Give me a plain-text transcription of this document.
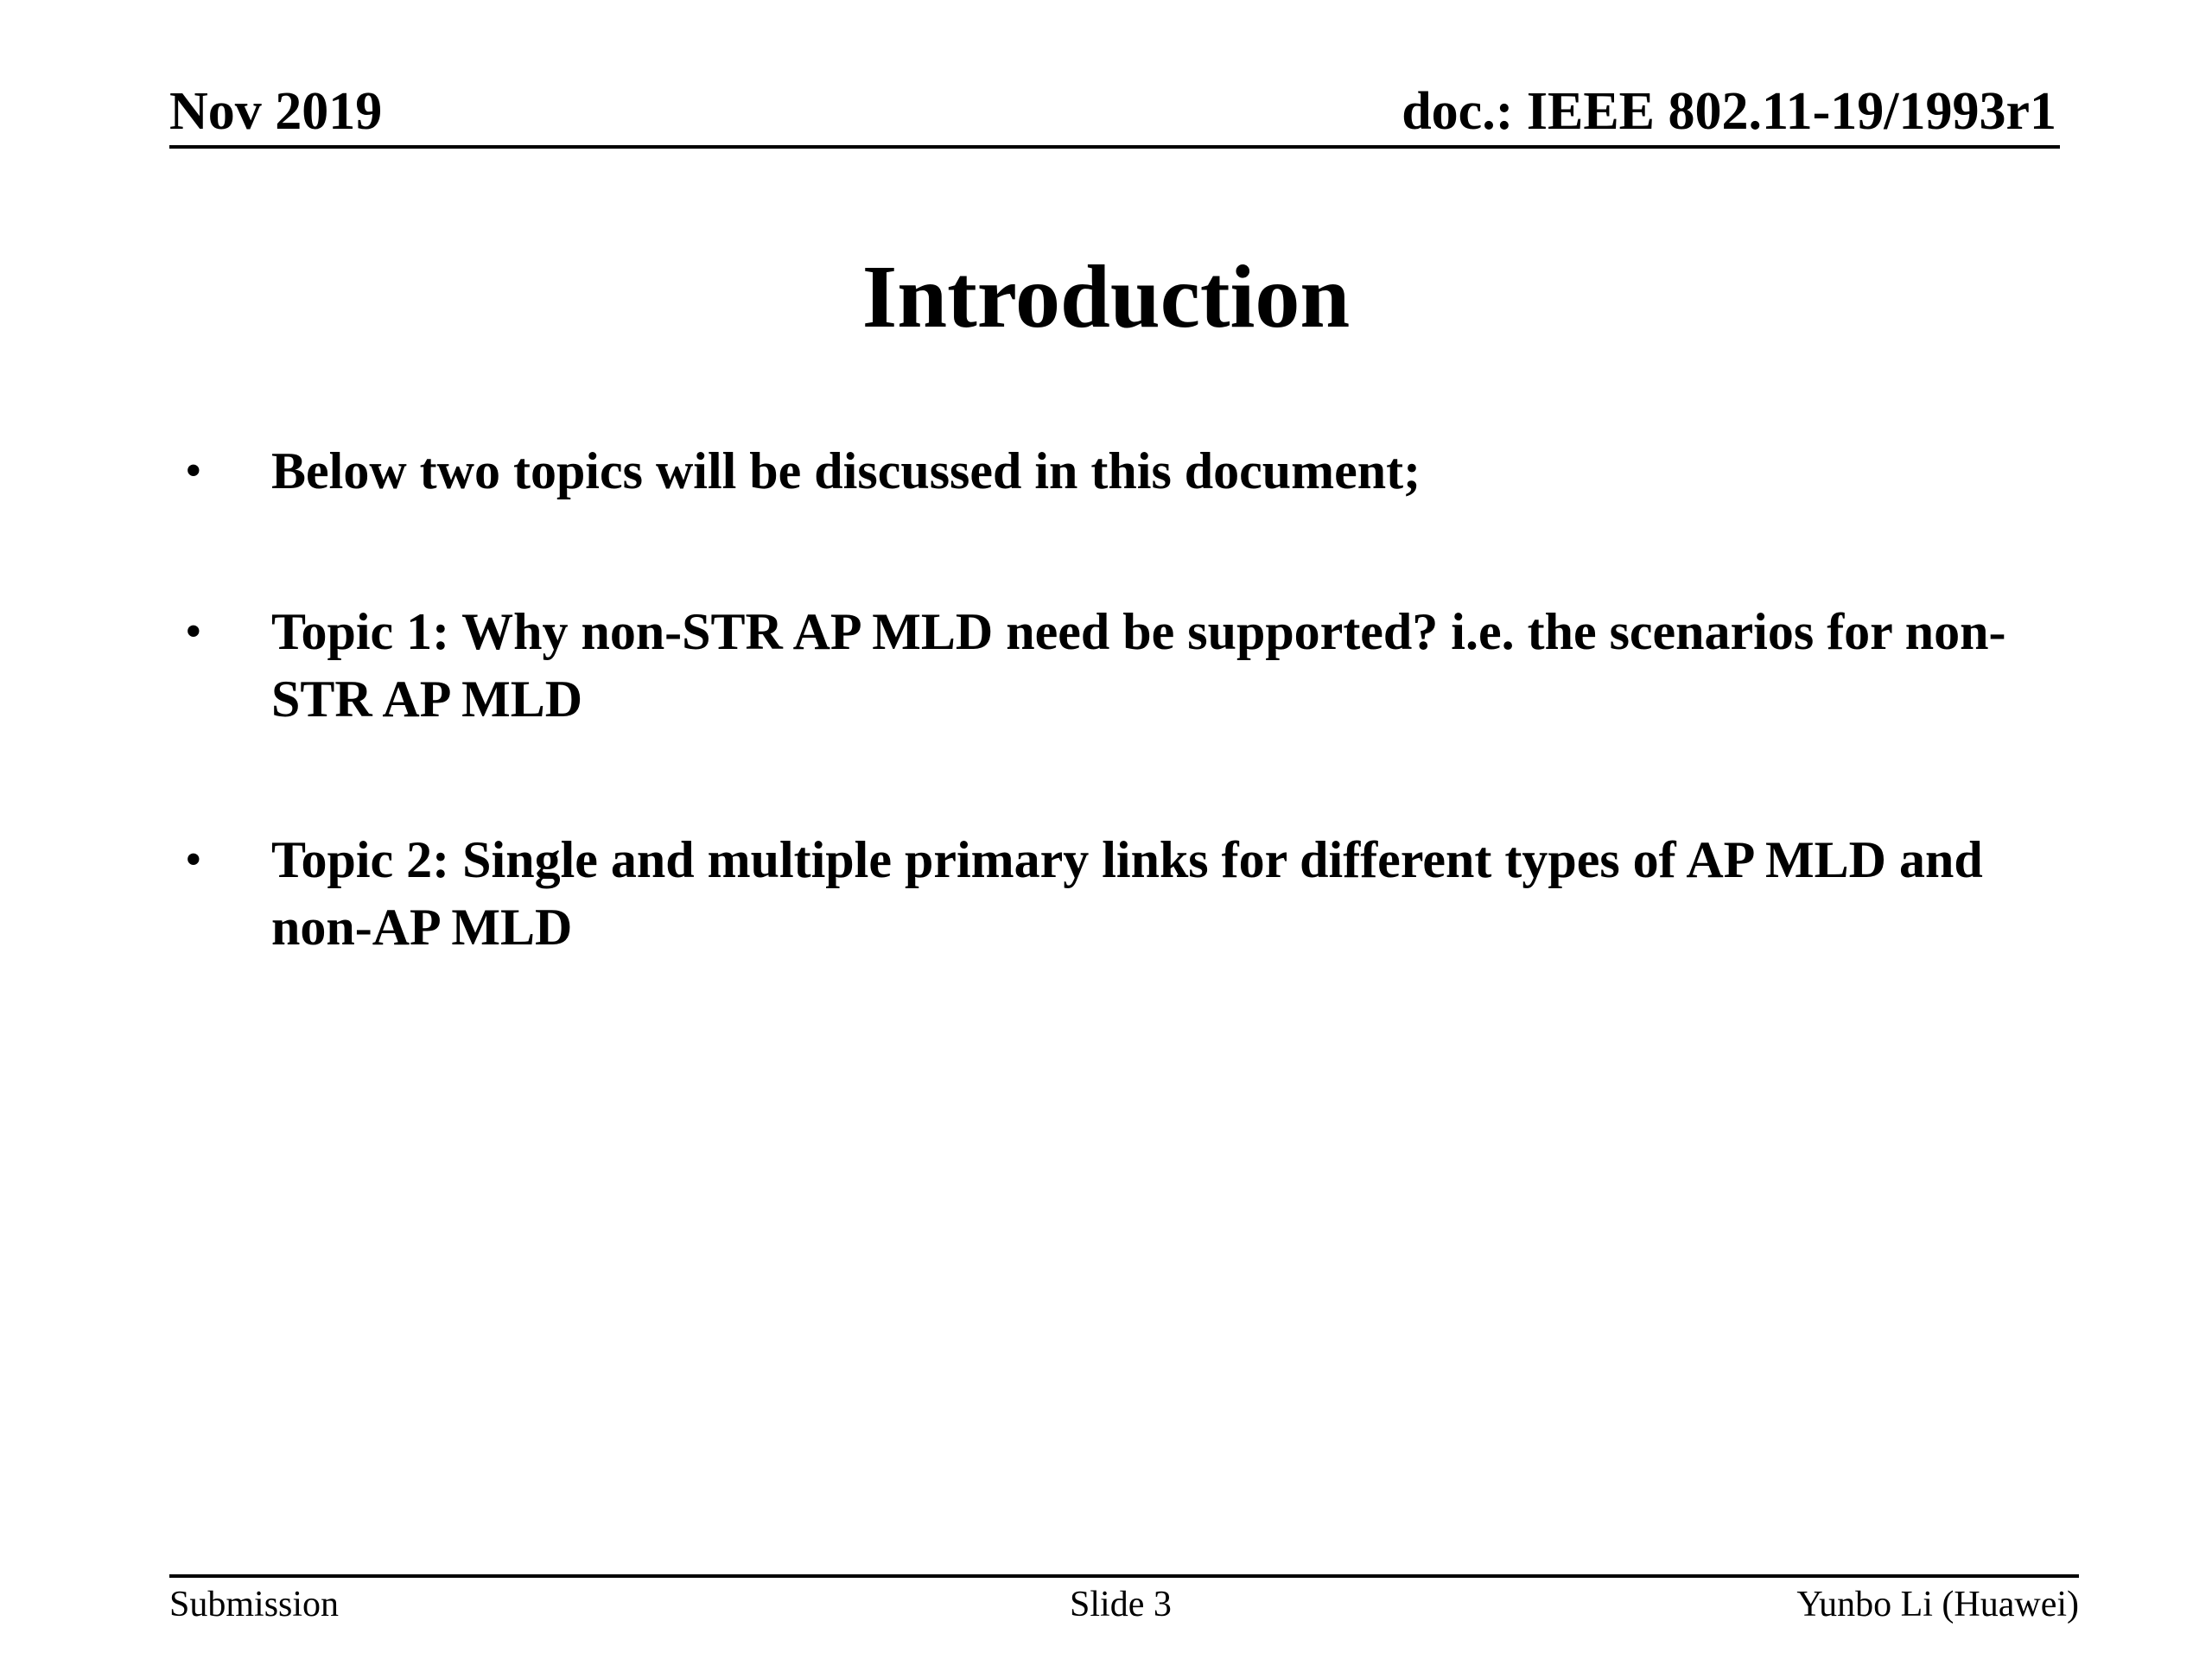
Nov 2019	doc.: IEEE 802.11-19/1993r1
Introduction
• Below two topics will be discussed in this document;
• Topic 1: Why non-STR AP MLD need be supported? i.e. the scenarios for non-STR AP MLD
• Topic 2: Single and multiple primary links for different types of AP MLD and non-AP MLD
Submission	Slide 3	Yunbo Li (Huawei)
